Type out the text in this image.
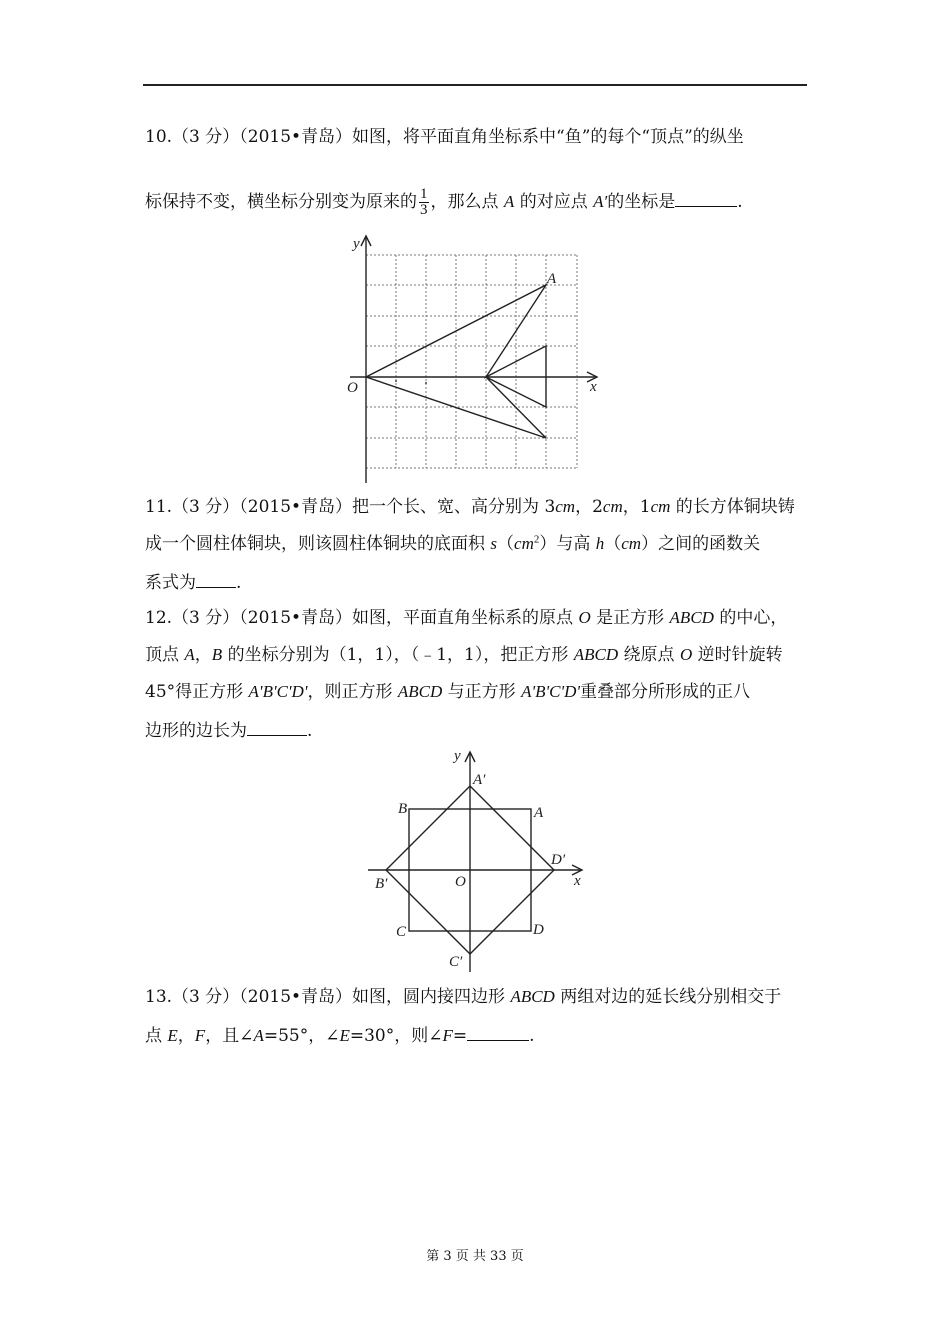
10.（3 分）（2015•青岛）如图，将平面直角坐标系中“鱼”的每个“顶点”的纵坐
标保持不变，横坐标分别变为原来的 $\frac{1}{3}$ ，那么点 A 的对应点 A′的坐标是	.
y
x
O
A
11.（3 分）（2015•青岛）把一个长、宽、高分别为 3cm，2cm，1cm 的长方体铜块铸
成一个圆柱体铜块，则该圆柱体铜块的底面积 $s(cm^2)$与高 h（cm）之间的函数关
系式为 .
12.（3 分）（2015•青岛）如图，平面直角坐标系的原点 O 是正方形 ABCD 的中心，
顶点 A，B 的坐标分别为（1，1），（﹣1，1），把正方形 ABCD 绕原点 O 逆时针旋转
45°得正方形 A'B'C'D'，则正方形 ABCD 与正方形 A'B'C'D'重叠部分所形成的正八
边形的边长为	.
B	A
C	D
A′
D′
B′
C′
O
y
x
13.（3 分）（2015•青岛）如图，圆内接四边形 ABCD 两组对边的延长线分别相交于
点 E，F，且∠A=55°，∠E=30°，则∠F=	.
第 3 页 共 33 页
